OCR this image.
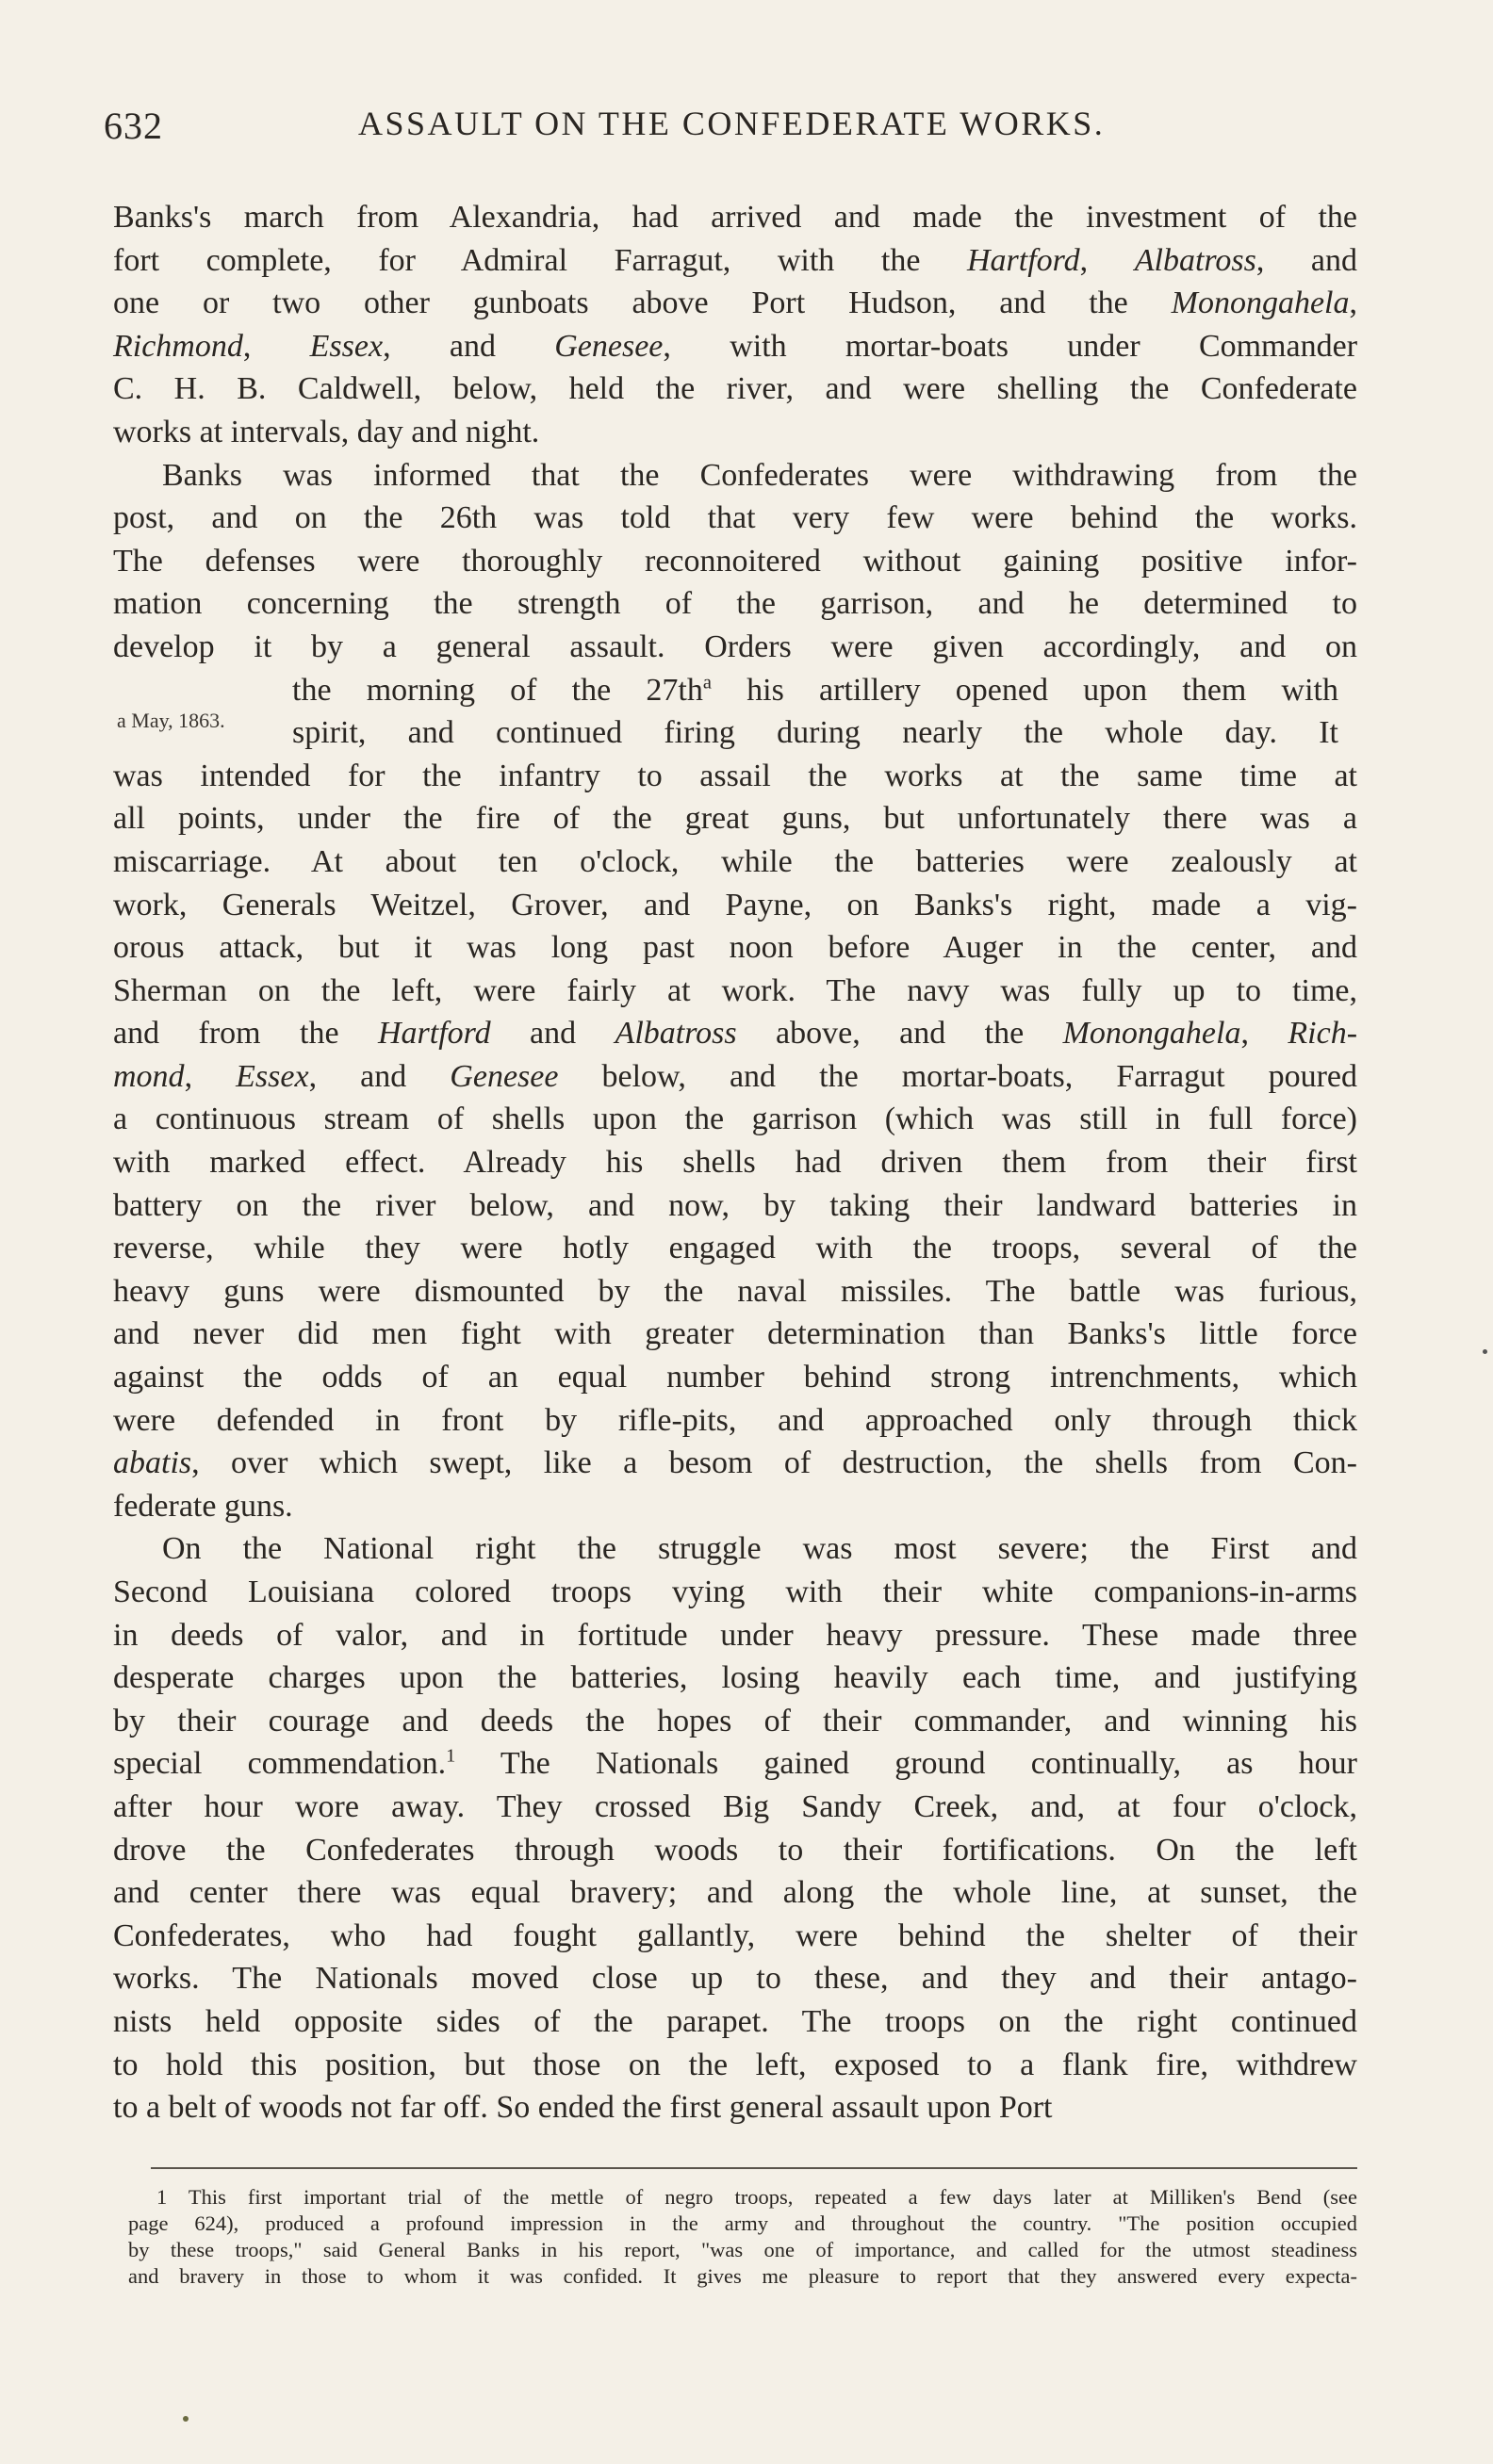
632	ASSAULT ON THE CONFEDERATE WORKS.
a May, 1863.
Banks's march from Alexandria, had arrived and made the investment of the
fort complete, for Admiral Farragut, with the Hartford, Albatross, and
one or two other gunboats above Port Hudson, and the Monongahela,
Richmond, Essex, and Genesee, with mortar-boats under Commander
C. H. B. Caldwell, below, held the river, and were shelling the Confederate
works at intervals, day and night.
Banks was informed that the Confederates were withdrawing from the
post, and on the 26th was told that very few were behind the works.
The defenses were thoroughly reconnoitered without gaining positive infor-
mation concerning the strength of the garrison, and he determined to
develop it by a general assault. Orders were given accordingly, and on
the morning of the $27th^a$ his artillery opened upon them with
spirit, and continued firing during nearly the whole day. It
was intended for the infantry to assail the works at the same time at
all points, under the fire of the great guns, but unfortunately there was a
miscarriage. At about ten o'clock, while the batteries were zealously at
work, Generals Weitzel, Grover, and Payne, on Banks's right, made a vig-
orous attack, but it was long past noon before Auger in the center, and
Sherman on the left, were fairly at work. The navy was fully up to time,
and from the Hartford and Albatross above, and the Monongahela, Rich-
mond, Essex, and Genesee below, and the mortar-boats, Farragut poured
a continuous stream of shells upon the garrison (which was still in full force)
with marked effect. Already his shells had driven them from their first
battery on the river below, and now, by taking their landward batteries in
reverse, while they were hotly engaged with the troops, several of the
heavy guns were dismounted by the naval missiles. The battle was furious,
and never did men fight with greater determination than Banks's little force
against the odds of an equal number behind strong intrenchments, which
were defended in front by rifle-pits, and approached only through thick
abatis, over which swept, like a besom of destruction, the shells from Con-
federate guns.
On the National right the struggle was most severe; the First and
Second Louisiana colored troops vying with their white companions-in-arms
in deeds of valor, and in fortitude under heavy pressure. These made three
desperate charges upon the batteries, losing heavily each time, and justifying
by their courage and deeds the hopes of their commander, and winning his
special commendation.$^1$ The Nationals gained ground continually, as hour
after hour wore away. They crossed Big Sandy Creek, and, at four o'clock,
drove the Confederates through woods to their fortifications. On the left
and center there was equal bravery; and along the whole line, at sunset, the
Confederates, who had fought gallantly, were behind the shelter of their
works. The Nationals moved close up to these, and they and their antago-
nists held opposite sides of the parapet. The troops on the right continued
to hold this position, but those on the left, exposed to a flank fire, withdrew
to a belt of woods not far off. So ended the first general assault upon Port
1 This first important trial of the mettle of negro troops, repeated a few days later at Milliken's Bend (see
page 624), produced a profound impression in the army and throughout the country. "The position occupied
by these troops," said General Banks in his report, "was one of importance, and called for the utmost steadiness
and bravery in those to whom it was confided. It gives me pleasure to report that they answered every expecta-
